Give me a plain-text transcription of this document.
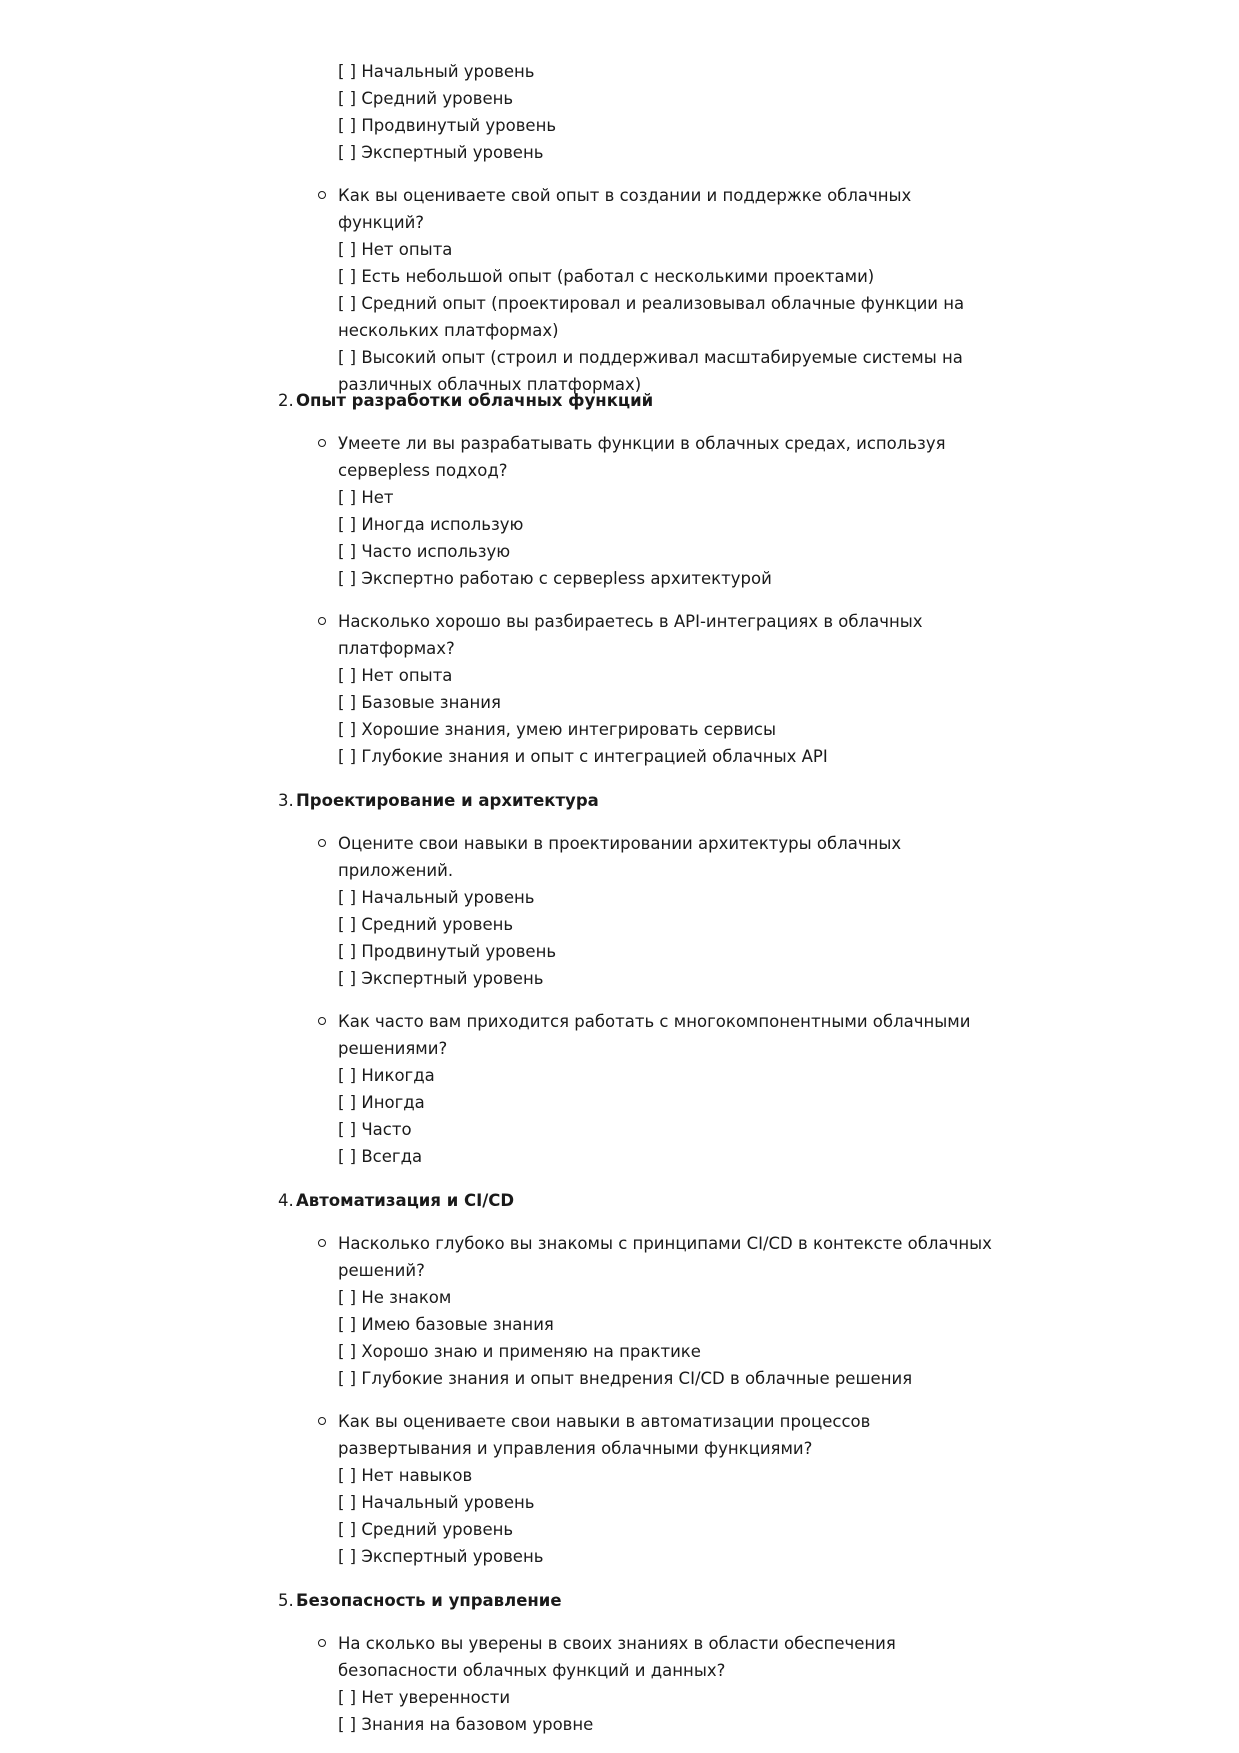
[ ] Начальный уровень
[ ] Средний уровень
[ ] Продвинутый уровень
[ ] Экспертный уровень
Как вы оцениваете свой опыт в создании и поддержке облачных функций?
[ ] Нет опыта
[ ] Есть небольшой опыт (работал с несколькими проектами)
[ ] Средний опыт (проектировал и реализовывал облачные функции на нескольких платформах)
[ ] Высокий опыт (строил и поддерживал масштабируемые системы на различных облачных платформах)
2. Опыт разработки облачных функций
Умеете ли вы разрабатывать функции в облачных средах, используя серверless подход?
[ ] Нет
[ ] Иногда использую
[ ] Часто использую
[ ] Экспертно работаю с серверless архитектурой
Насколько хорошо вы разбираетесь в API-интеграциях в облачных платформах?
[ ] Нет опыта
[ ] Базовые знания
[ ] Хорошие знания, умею интегрировать сервисы
[ ] Глубокие знания и опыт с интеграцией облачных API
3. Проектирование и архитектура
Оцените свои навыки в проектировании архитектуры облачных приложений.
[ ] Начальный уровень
[ ] Средний уровень
[ ] Продвинутый уровень
[ ] Экспертный уровень
Как часто вам приходится работать с многокомпонентными облачными решениями?
[ ] Никогда
[ ] Иногда
[ ] Часто
[ ] Всегда
4. Автоматизация и CI/CD
Насколько глубоко вы знакомы с принципами CI/CD в контексте облачных решений?
[ ] Не знаком
[ ] Имею базовые знания
[ ] Хорошо знаю и применяю на практике
[ ] Глубокие знания и опыт внедрения CI/CD в облачные решения
Как вы оцениваете свои навыки в автоматизации процессов развертывания и управления облачными функциями?
[ ] Нет навыков
[ ] Начальный уровень
[ ] Средний уровень
[ ] Экспертный уровень
5. Безопасность и управление
На сколько вы уверены в своих знаниях в области обеспечения безопасности облачных функций и данных?
[ ] Нет уверенности
[ ] Знания на базовом уровне
